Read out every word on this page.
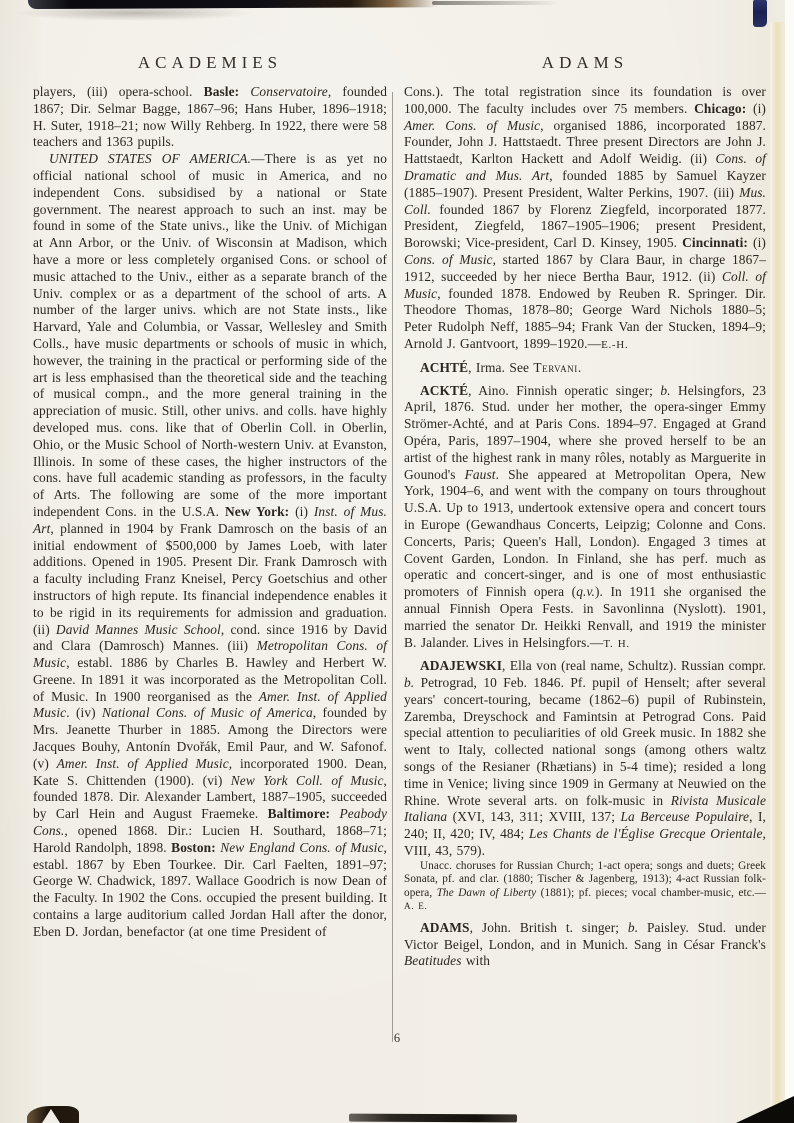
ACADEMIES	ADAMS

players, (iii) opera-school. Basle: Conservatoire, founded 1867; Dir. Selmar Bagge, 1867–96; Hans Huber, 1896–1918; H. Suter, 1918–21; now Willy Rehberg. In 1922, there were 58 teachers and 1363 pupils.

UNITED STATES OF AMERICA.—There is as yet no official national school of music in America, and no independent Cons. subsidised by a national or State government. The nearest approach to such an inst. may be found in some of the State univs., like the Univ. of Michigan at Ann Arbor, or the Univ. of Wisconsin at Madison, which have a more or less completely organised Cons. or school of music attached to the Univ., either as a separate branch of the Univ. complex or as a department of the school of arts. A number of the larger univs. which are not State insts., like Harvard, Yale and Columbia, or Vassar, Wellesley and Smith Colls., have music departments or schools of music in which, however, the training in the practical or performing side of the art is less emphasised than the theoretical side and the teaching of musical compn., and the more general training in the appreciation of music. Still, other univs. and colls. have highly developed mus. cons. like that of Oberlin Coll. in Oberlin, Ohio, or the Music School of North-western Univ. at Evanston, Illinois. In some of these cases, the higher instructors of the cons. have full academic standing as professors, in the faculty of Arts. The following are some of the more important independent Cons. in the U.S.A. New York: (i) Inst. of Mus. Art, planned in 1904 by Frank Damrosch on the basis of an initial endowment of $500,000 by James Loeb, with later additions. Opened in 1905. Present Dir. Frank Damrosch with a faculty including Franz Kneisel, Percy Goetschius and other instructors of high repute. Its financial independence enables it to be rigid in its requirements for admission and graduation. (ii) David Mannes Music School, cond. since 1916 by David and Clara (Damrosch) Mannes. (iii) Metropolitan Cons. of Music, establ. 1886 by Charles B. Hawley and Herbert W. Greene. In 1891 it was incorporated as the Metropolitan Coll. of Music. In 1900 reorganised as the Amer. Inst. of Applied Music. (iv) National Cons. of Music of America, founded by Mrs. Jeanette Thurber in 1885. Among the Directors were Jacques Bouhy, Antonín Dvořák, Emil Paur, and W. Safonof. (v) Amer. Inst. of Applied Music, incorporated 1900. Dean, Kate S. Chittenden (1900). (vi) New York Coll. of Music, founded 1878. Dir. Alexander Lambert, 1887–1905, succeeded by Carl Hein and August Fraemeke. Baltimore: Peabody Cons., opened 1868. Dir.: Lucien H. Southard, 1868–71; Harold Randolph, 1898. Boston: New England Cons. of Music, establ. 1867 by Eben Tourkee. Dir. Carl Faelten, 1891–97; George W. Chadwick, 1897. Wallace Goodrich is now Dean of the Faculty. In 1902 the Cons. occupied the present building. It contains a large auditorium called Jordan Hall after the donor, Eben D. Jordan, benefactor (at one time President of

Cons.). The total registration since its foundation is over 100,000. The faculty includes over 75 members. Chicago: (i) Amer. Cons. of Music, organised 1886, incorporated 1887. Founder, John J. Hattstaedt. Three present Directors are John J. Hattstaedt, Karlton Hackett and Adolf Weidig. (ii) Cons. of Dramatic and Mus. Art, founded 1885 by Samuel Kayzer (1885–1907). Present President, Walter Perkins, 1907. (iii) Mus. Coll. founded 1867 by Florenz Ziegfeld, incorporated 1877. President, Ziegfeld, 1867–1905–1906; present President, Borowski; Vice-president, Carl D. Kinsey, 1905. Cincinnati: (i) Cons. of Music, started 1867 by Clara Baur, in charge 1867–1912, succeeded by her niece Bertha Baur, 1912. (ii) Coll. of Music, founded 1878. Endowed by Reuben R. Springer. Dir. Theodore Thomas, 1878–80; George Ward Nichols 1880–5; Peter Rudolph Neff, 1885–94; Frank Van der Stucken, 1894–9; Arnold J. Gantvoort, 1899–1920.—E.-H.

ACHTÉ, Irma. See Tervani.

ACKTÉ, Aino. Finnish operatic singer; b. Helsingfors, 23 April, 1876. Stud. under her mother, the opera-singer Emmy Strömer-Achté, and at Paris Cons. 1894–97. Engaged at Grand Opéra, Paris, 1897–1904, where she proved herself to be an artist of the highest rank in many rôles, notably as Marguerite in Gounod's Faust. She appeared at Metropolitan Opera, New York, 1904–6, and went with the company on tours throughout U.S.A. Up to 1913, undertook extensive opera and concert tours in Europe (Gewandhaus Concerts, Leipzig; Colonne and Cons. Concerts, Paris; Queen's Hall, London). Engaged 3 times at Covent Garden, London. In Finland, she has perf. much as operatic and concert-singer, and is one of most enthusiastic promoters of Finnish opera (q.v.). In 1911 she organised the annual Finnish Opera Fests. in Savonlinna (Nyslott). 1901, married the senator Dr. Heikki Renvall, and 1919 the minister B. Jalander. Lives in Helsingfors.—T. H.

ADAJEWSKI, Ella von (real name, Schultz). Russian compr. b. Petrograd, 10 Feb. 1846. Pf. pupil of Henselt; after several years' concert-touring, became (1862–6) pupil of Rubinstein, Zaremba, Dreyschock and Famintsin at Petrograd Cons. Paid special attention to peculiarities of old Greek music. In 1882 she went to Italy, collected national songs (among others waltz songs of the Resianer (Rhætians) in 5-4 time); resided a long time in Venice; living since 1909 in Germany at Neuwied on the Rhine. Wrote several arts. on folk-music in Rivista Musicale Italiana (XVI, 143, 311; XVIII, 137; La Berceuse Populaire, I, 240; II, 420; IV, 484; Les Chants de l'Église Grecque Orientale, VIII, 43, 579).

Unacc. choruses for Russian Church; 1-act opera; songs and duets; Greek Sonata, pf. and clar. (1880; Tischer & Jagenberg, 1913); 4-act Russian folk-opera, The Dawn of Liberty (1881); pf. pieces; vocal chamber-music, etc.—A. E.

ADAMS, John. British t. singer; b. Paisley. Stud. under Victor Beigel, London, and in Munich. Sang in César Franck's Beatitudes with

6
